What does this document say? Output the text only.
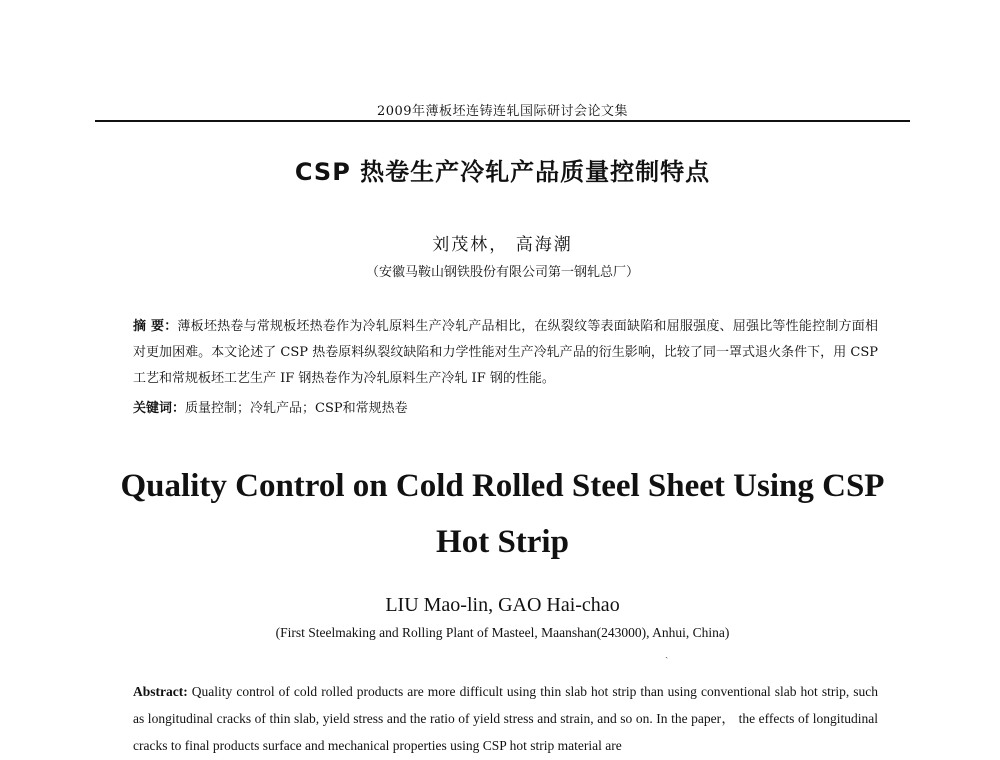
2009年薄板坯连铸连轧国际研讨会论文集
CSP 热卷生产冷轧产品质量控制特点
刘茂林， 高海潮
（安徽马鞍山钢铁股份有限公司第一钢轧总厂）
摘 要：薄板坯热卷与常规板坯热卷作为冷轧原料生产冷轧产品相比，在纵裂纹等表面缺陷和屈服强度、屈强比等性能控制方面相对更加困难。本文论述了 CSP 热卷原料纵裂纹缺陷和力学性能对生产冷轧产品的衍生影响，比较了同一罩式退火条件下，用 CSP 工艺和常规板坯工艺生产 IF 钢热卷作为冷轧原料生产冷轧 IF 钢的性能。
关键词：质量控制；冷轧产品；CSP和常规热卷
Quality Control on Cold Rolled Steel Sheet Using CSP Hot Strip
LIU Mao-lin, GAO Hai-chao
(First Steelmaking and Rolling Plant of Masteel, Maanshan(243000), Anhui, China)
ˏ
Abstract: Quality control of cold rolled products are more difficult using thin slab hot strip than using conventional slab hot strip, such as longitudinal cracks of thin slab, yield stress and the ratio of yield stress and strain, and so on. In the paper， the effects of longitudinal cracks to final products surface and mechanical properties using CSP hot strip material are
